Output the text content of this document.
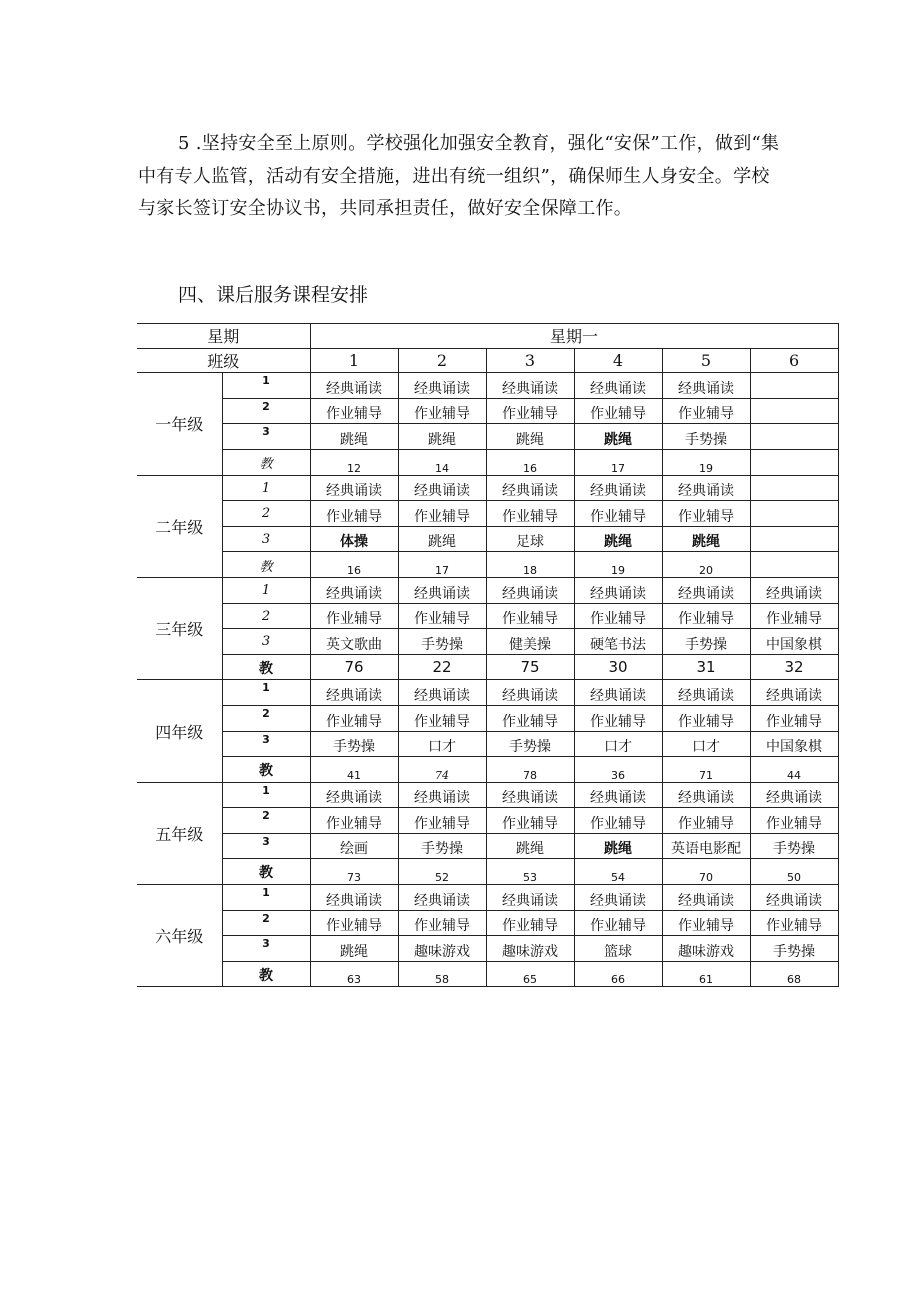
5 .坚持安全至上原则。学校强化加强安全教育，强化“安保”工作，做到“集
中有专人监管，活动有安全措施，进出有统一组织”，确保师生人身安全。学校
与家长签订安全协议书，共同承担责任，做好安全保障工作。
四、课后服务课程安排
星期		星期一					
班级		1	2	3	4	5	6
一年级	1	经典诵读	经典诵读	经典诵读	经典诵读	经典诵读	
	2	作业辅导	作业辅导	作业辅导	作业辅导	作业辅导	
	3	跳绳	跳绳	跳绳	跳绳	手势操	
	教	12	14	16	17	19	
二年级	1	经典诵读	经典诵读	经典诵读	经典诵读	经典诵读	
	2	作业辅导	作业辅导	作业辅导	作业辅导	作业辅导	
	3	体操	跳绳	足球	跳绳	跳绳	
	教	16	17	18	19	20	
三年级	1	经典诵读	经典诵读	经典诵读	经典诵读	经典诵读	经典诵读
	2	作业辅导	作业辅导	作业辅导	作业辅导	作业辅导	作业辅导
	3	英文歌曲	手势操	健美操	硬笔书法	手势操	中国象棋
	教	76	22	75	30	31	32
四年级	1	经典诵读	经典诵读	经典诵读	经典诵读	经典诵读	经典诵读
	2	作业辅导	作业辅导	作业辅导	作业辅导	作业辅导	作业辅导
	3	手势操	口才	手势操	口才	口才	中国象棋
	教	41	74	78	36	71	44
五年级	1	经典诵读	经典诵读	经典诵读	经典诵读	经典诵读	经典诵读
	2	作业辅导	作业辅导	作业辅导	作业辅导	作业辅导	作业辅导
	3	绘画	手势操	跳绳	跳绳	英语电影配	手势操
	教	73	52	53	54	70	50
六年级	1	经典诵读	经典诵读	经典诵读	经典诵读	经典诵读	经典诵读
	2	作业辅导	作业辅导	作业辅导	作业辅导	作业辅导	作业辅导
	3	跳绳	趣味游戏	趣味游戏	篮球	趣味游戏	手势操
	教	63	58	65	66	61	68
